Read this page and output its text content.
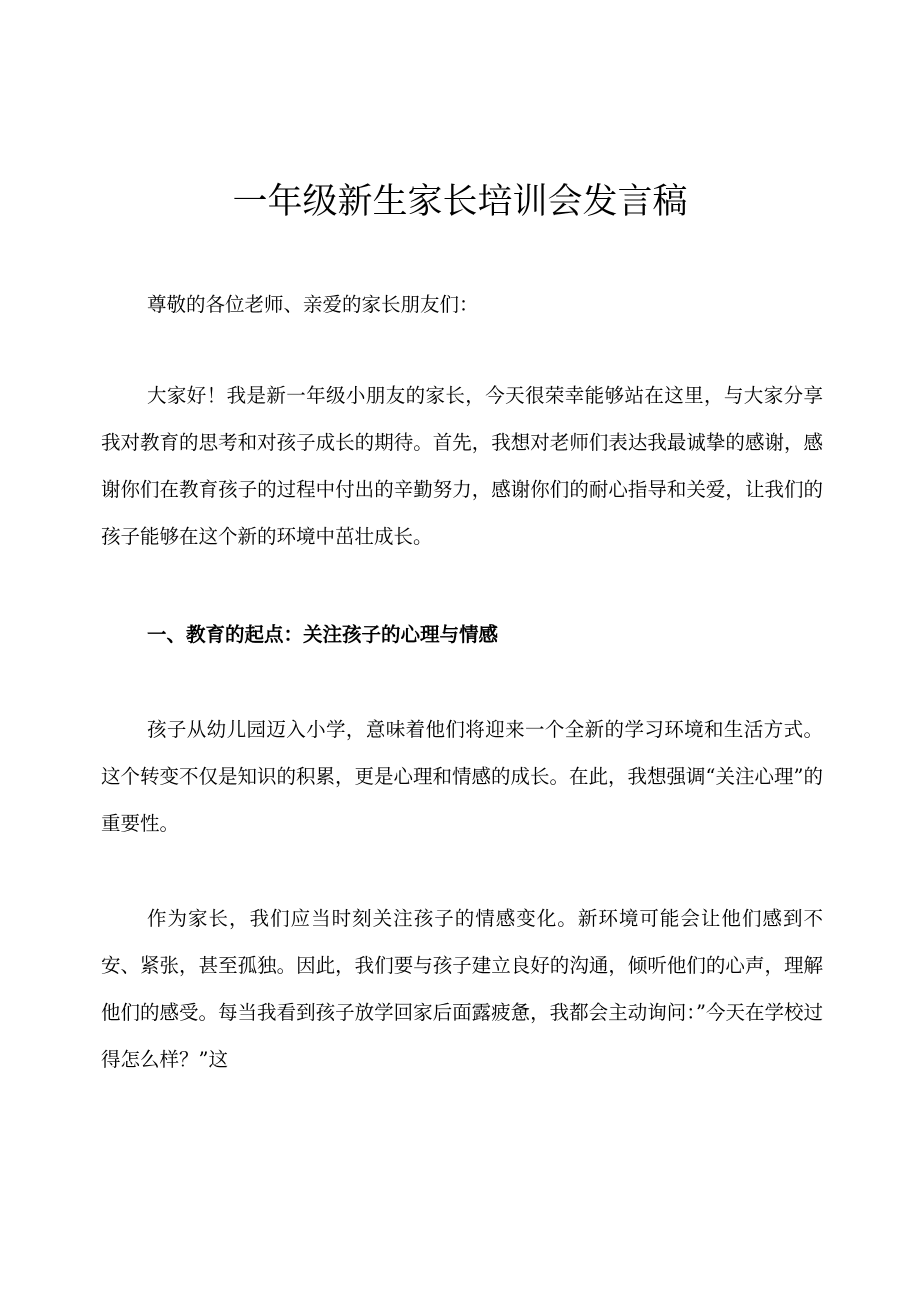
一年级新生家长培训会发言稿

尊敬的各位老师、亲爱的家长朋友们：

大家好！我是新一年级小朋友的家长，今天很荣幸能够站在这里，与大家分享我对教育的思考和对孩子成长的期待。首先，我想对老师们表达我最诚挚的感谢，感谢你们在教育孩子的过程中付出的辛勤努力，感谢你们的耐心指导和关爱，让我们的孩子能够在这个新的环境中茁壮成长。

一、教育的起点：关注孩子的心理与情感

孩子从幼儿园迈入小学，意味着他们将迎来一个全新的学习环境和生活方式。这个转变不仅是知识的积累，更是心理和情感的成长。在此，我想强调“关注心理”的重要性。

作为家长，我们应当时刻关注孩子的情感变化。新环境可能会让他们感到不安、紧张，甚至孤独。因此，我们要与孩子建立良好的沟通，倾听他们的心声，理解他们的感受。每当我看到孩子放学回家后面露疲惫，我都会主动询问：”今天在学校过得怎么样？”这
